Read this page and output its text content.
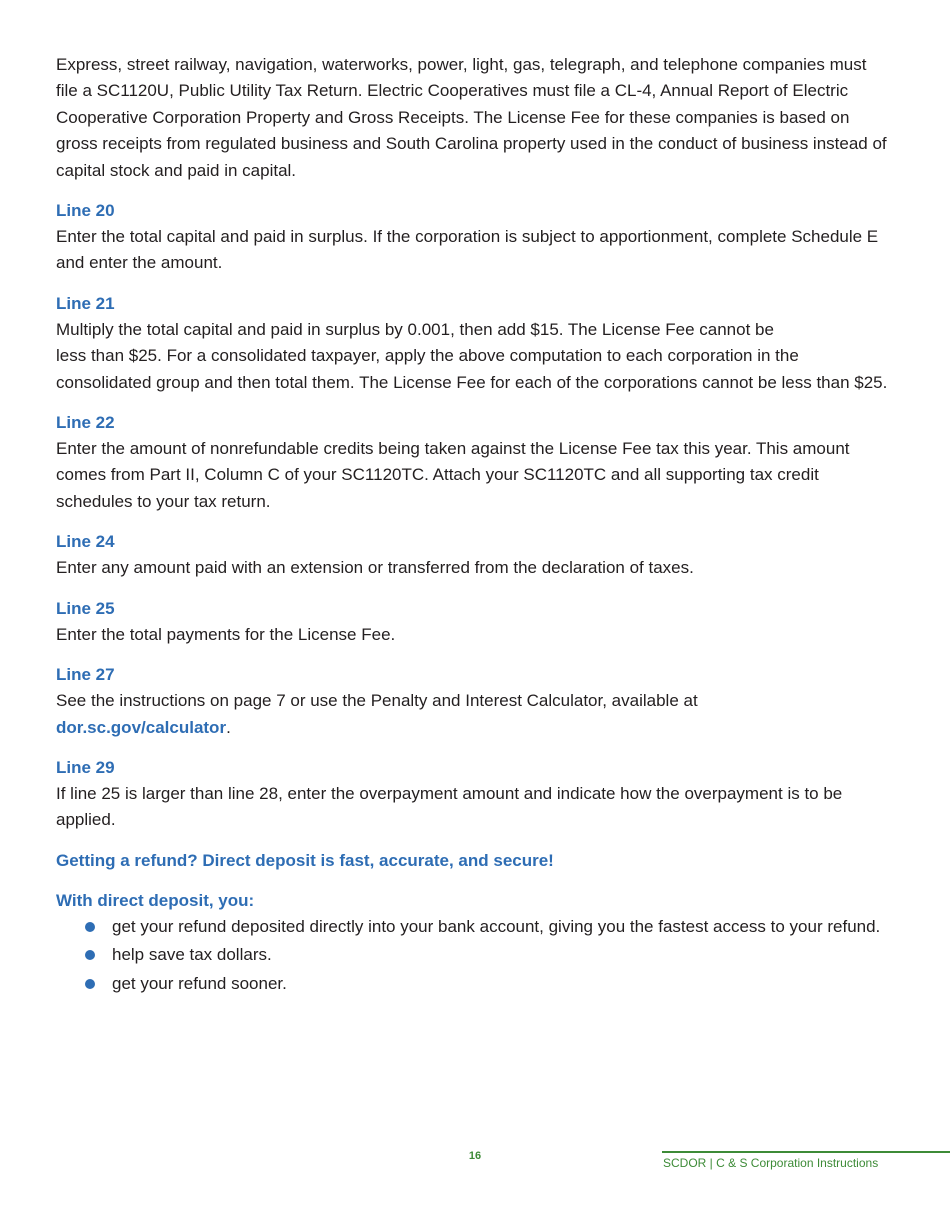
Express, street railway, navigation, waterworks, power, light, gas, telegraph, and telephone companies must file a SC1120U, Public Utility Tax Return. Electric Cooperatives must file a CL-4, Annual Report of Electric Cooperative Corporation Property and Gross Receipts. The License Fee for these companies is based on gross receipts from regulated business and South Carolina property used in the conduct of business instead of capital stock and paid in capital.

Line 20

Enter the total capital and paid in surplus. If the corporation is subject to apportionment, complete Schedule E and enter the amount.

Line 21

Multiply the total capital and paid in surplus by 0.001, then add $15. The License Fee cannot be
less than $25. For a consolidated taxpayer, apply the above computation to each corporation in the consolidated group and then total them. The License Fee for each of the corporations cannot be less than $25.

Line 22

Enter the amount of nonrefundable credits being taken against the License Fee tax this year. This amount comes from Part II, Column C of your SC1120TC. Attach your SC1120TC and all supporting tax credit schedules to your tax return.

Line 24

Enter any amount paid with an extension or transferred from the declaration of taxes.

Line 25

Enter the total payments for the License Fee.

Line 27

See the instructions on page 7 or use the Penalty and Interest Calculator, available at
dor.sc.gov/calculator.

Line 29

If line 25 is larger than line 28, enter the overpayment amount and indicate how the overpayment is to be applied.

Getting a refund? Direct deposit is fast, accurate, and secure!
With direct deposit, you:
get your refund deposited directly into your bank account, giving you the fastest access to your refund.
help save tax dollars.
get your refund sooner.
16	SCDOR | C & S Corporation Instructions
